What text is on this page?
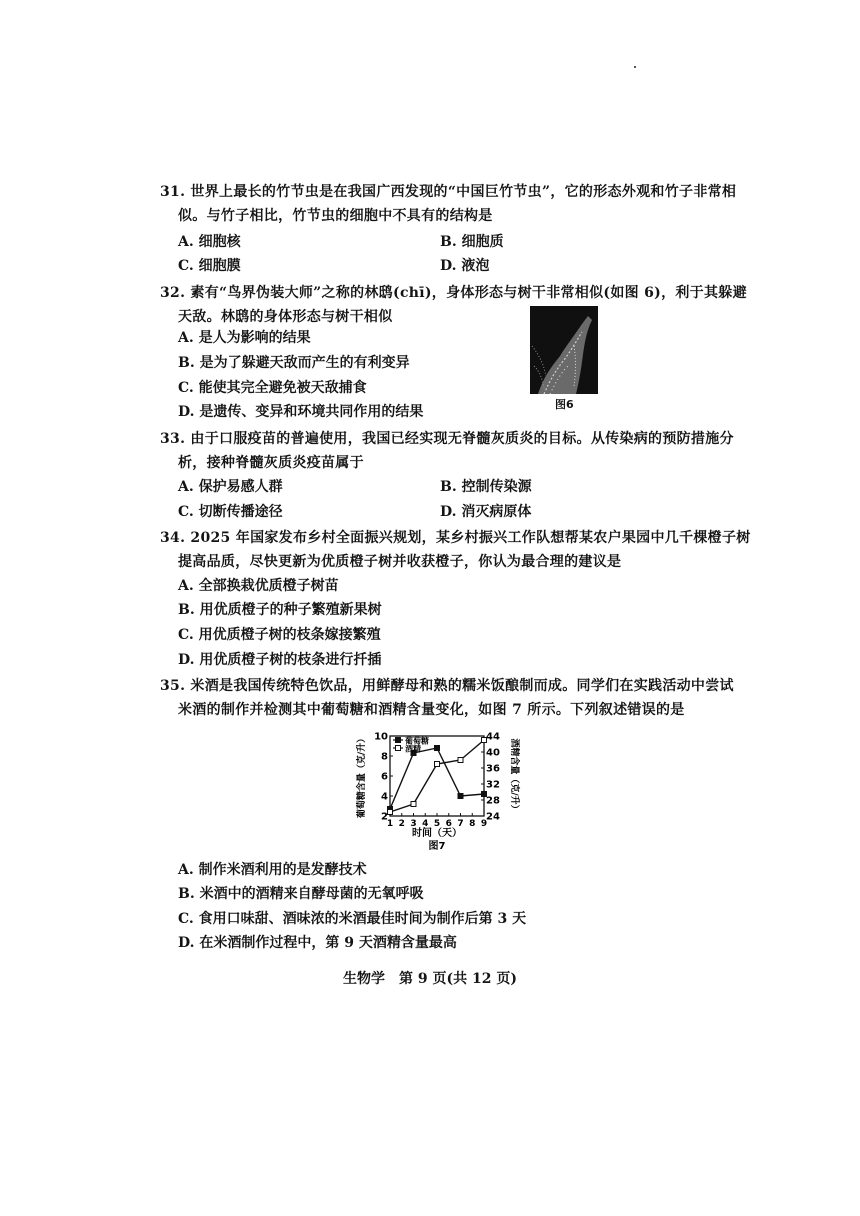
31. 世界上最长的竹节虫是在我国广西发现的“中国巨竹节虫”，它的形态外观和竹子非常相
似。与竹子相比，竹节虫的细胞中不具有的结构是
A. 细胞核	B. 细胞质
C. 细胞膜	D. 液泡
32. 素有“鸟界伪装大师”之称的林鸱(chī)，身体形态与树干非常相似(如图 6)，利于其躲避
天敌。林鸱的身体形态与树干相似
A. 是人为影响的结果
B. 是为了躲避天敌而产生的有利变异
C. 能使其完全避免被天敌捕食
D. 是遗传、变异和环境共同作用的结果	图6
33. 由于口服疫苗的普遍使用，我国已经实现无脊髓灰质炎的目标。从传染病的预防措施分
析，接种脊髓灰质炎疫苗属于
A. 保护易感人群	B. 控制传染源
C. 切断传播途径	D. 消灭病原体
34. 2025 年国家发布乡村全面振兴规划，某乡村振兴工作队想帮某农户果园中几千棵橙子树
提高品质，尽快更新为优质橙子树并收获橙子，你认为最合理的建议是
A. 全部换栽优质橙子树苗
B. 用优质橙子的种子繁殖新果树
C. 用优质橙子树的枝条嫁接繁殖
D. 用优质橙子树的枝条进行扦插
35. 米酒是我国传统特色饮品，用鲜酵母和熟的糯米饭酿制而成。同学们在实践活动中尝试
米酒的制作并检测其中葡萄糖和酒精含量变化，如图 7 所示。下列叙述错误的是
2
4
6
8
10
24
28
32
36
40
44
1 2 3 4 5 6 7 8 9
葡萄糖
酒精
葡萄糖含量（克/升）	酒精含量（克/升）
时间（天）
图7
A. 制作米酒利用的是发酵技术
B. 米酒中的酒精来自酵母菌的无氧呼吸
C. 食用口味甜、酒味浓的米酒最佳时间为制作后第 3 天
D. 在米酒制作过程中，第 9 天酒精含量最高
生物学　第 9 页(共 12 页)
